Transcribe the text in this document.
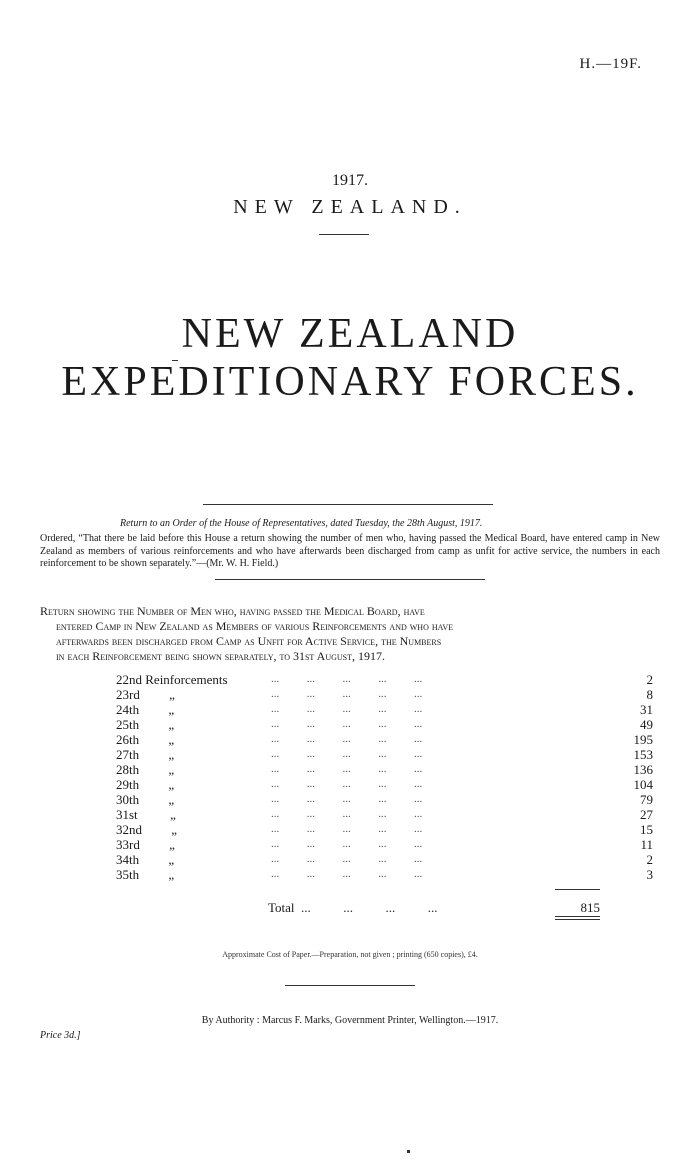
H.—19F.
1917.
NEW ZEALAND.
NEW ZEALAND EXPEDITIONARY FORCES.
Return to an Order of the House of Representatives, dated Tuesday, the 28th August, 1917.
Ordered, “That there be laid before this House a return showing the number of men who, having passed the Medical Board, have entered camp in New Zealand as members of various reinforcements and who have afterwards been discharged from camp as unfit for active service, the numbers in each reinforcement to be shown separately.”—(Mr. W. H. Field.)
Return showing the Number of Men who, having passed the Medical Board, have
entered Camp in New Zealand as Members of various Reinforcements and who have
afterwards been discharged from Camp as Unfit for Active Service, the Numbers
in each Reinforcement being shown separately, to 31st August, 1917.
22nd Reinforcements	...          ...          ...          ...          ...	2
23rd         „	...          ...          ...          ...          ...	8
24th         „	...          ...          ...          ...          ...	31
25th         „	...          ...          ...          ...          ...	49
26th         „	...          ...          ...          ...          ...	195
27th         „	...          ...          ...          ...          ...	153
28th         „	...          ...          ...          ...          ...	136
29th         „	...          ...          ...          ...          ...	104
30th         „	...          ...          ...          ...          ...	79
31st          „	...          ...          ...          ...          ...	27
32nd         „	...          ...          ...          ...          ...	15
33rd         „	...          ...          ...          ...          ...	11
34th         „	...          ...          ...          ...          ...	2
35th         „	...          ...          ...          ...          ...	3
Total  ...          ...          ...          ...	815
Approximate Cost of Paper.—Preparation, not given ; printing (650 copies), £4.
By Authority : Marcus F. Marks, Government Printer, Wellington.—1917.
Price 3d.]
